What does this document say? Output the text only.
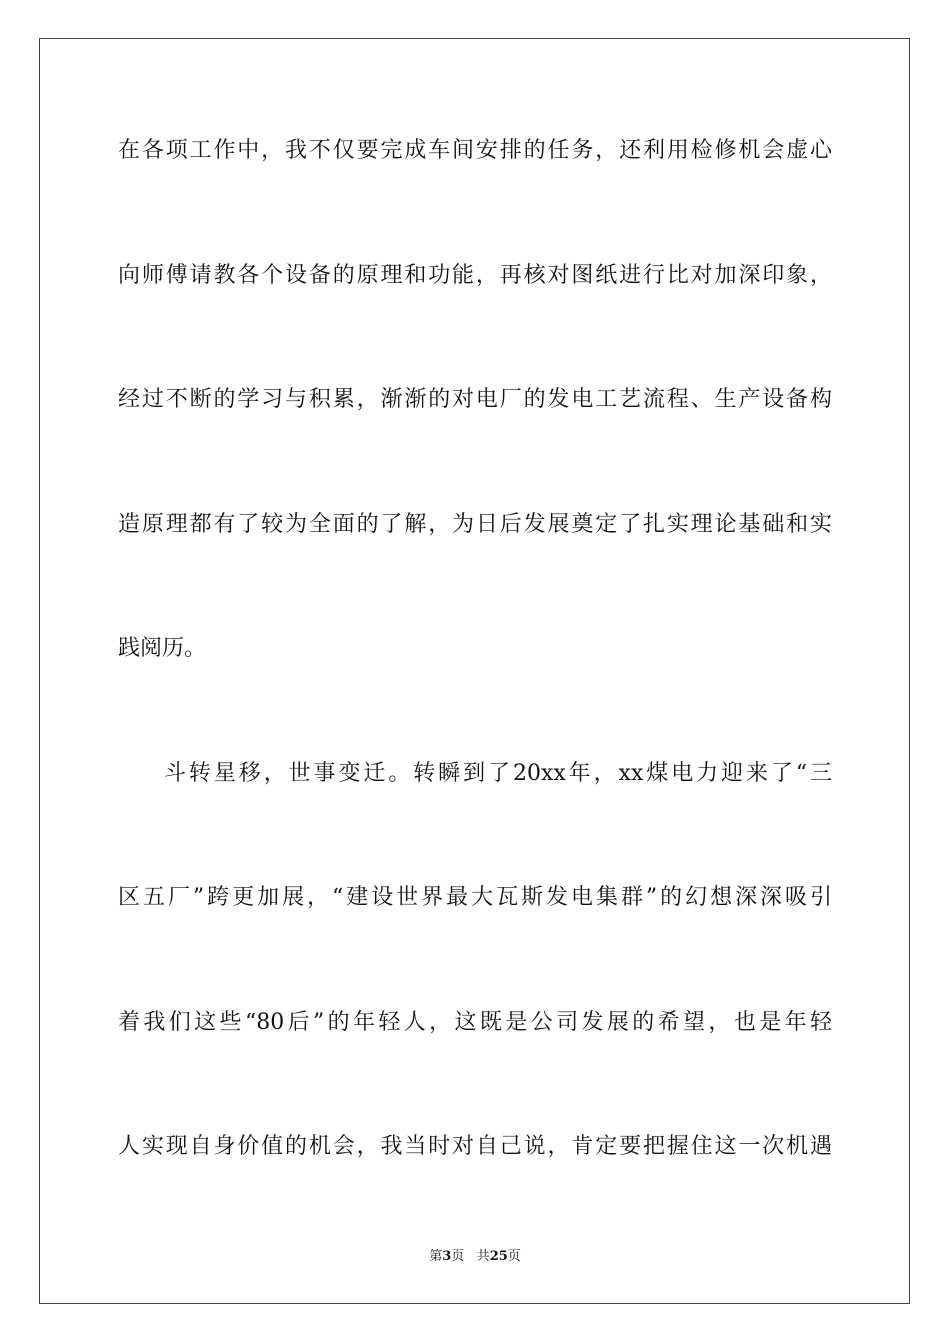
在各项工作中，我不仅要完成车间安排的任务，还利用检修机会虚心
向师傅请教各个设备的原理和功能，再核对图纸进行比对加深印象，
经过不断的学习与积累，渐渐的对电厂的发电工艺流程、生产设备构
造原理都有了较为全面的了解，为日后发展奠定了扎实理论基础和实
践阅历。
斗转星移，世事变迁。转瞬到了20xx年，xx煤电力迎来了“三
区五厂”跨更加展，“建设世界最大瓦斯发电集群”的幻想深深吸引
着我们这些“80后”的年轻人，这既是公司发展的希望，也是年轻
人实现自身价值的机会，我当时对自己说，肯定要把握住这一次机遇
第3页 共25页
